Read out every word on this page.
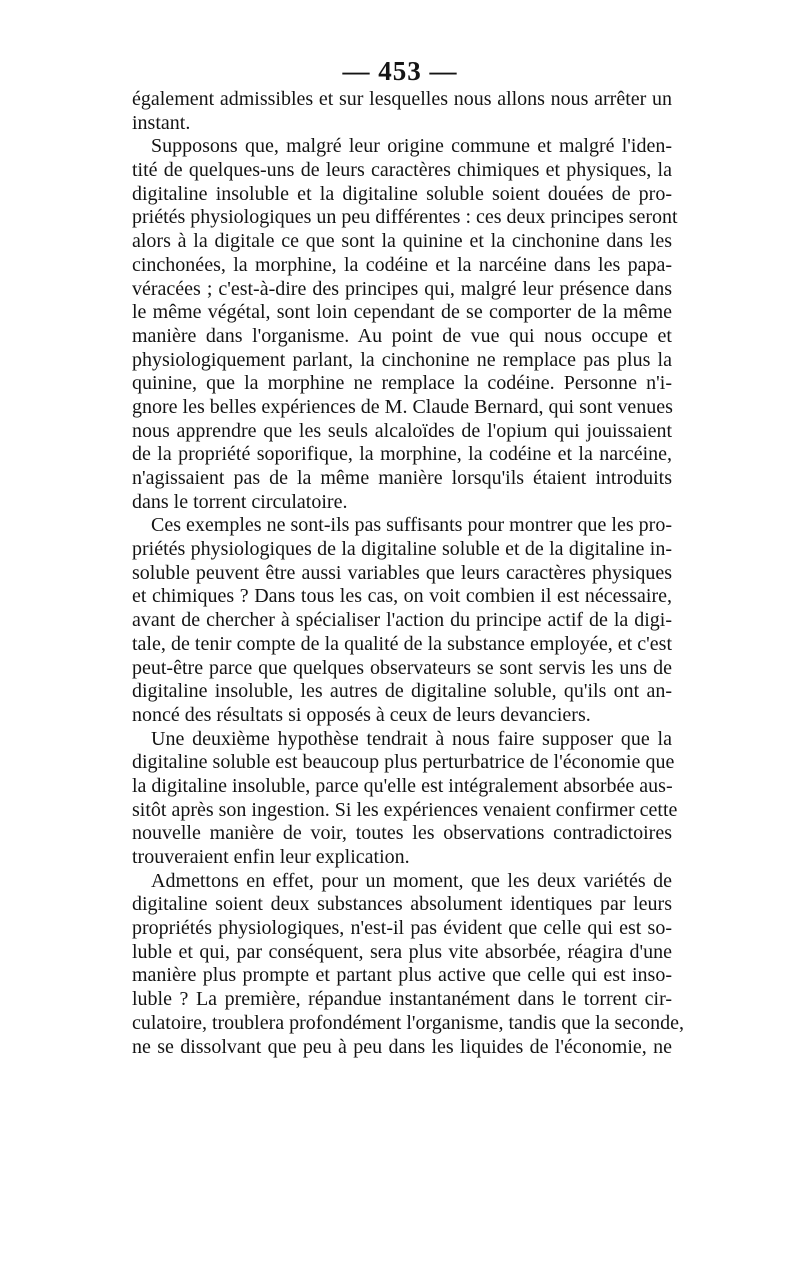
— 453 —
également admissibles et sur lesquelles nous allons nous arrêter un
instant.
Supposons que, malgré leur origine commune et malgré l'iden-
tité de quelques-uns de leurs caractères chimiques et physiques, la
digitaline insoluble et la digitaline soluble soient douées de pro-
priétés physiologiques un peu différentes : ces deux principes seront
alors à la digitale ce que sont la quinine et la cinchonine dans les
cinchonées, la morphine, la codéine et la narcéine dans les papa-
véracées ; c'est-à-dire des principes qui, malgré leur présence dans
le même végétal, sont loin cependant de se comporter de la même
manière dans l'organisme. Au point de vue qui nous occupe et
physiologiquement parlant, la cinchonine ne remplace pas plus la
quinine, que la morphine ne remplace la codéine. Personne n'i-
gnore les belles expériences de M. Claude Bernard, qui sont venues
nous apprendre que les seuls alcaloïdes de l'opium qui jouissaient
de la propriété soporifique, la morphine, la codéine et la narcéine,
n'agissaient pas de la même manière lorsqu'ils étaient introduits
dans le torrent circulatoire.
Ces exemples ne sont-ils pas suffisants pour montrer que les pro-
priétés physiologiques de la digitaline soluble et de la digitaline in-
soluble peuvent être aussi variables que leurs caractères physiques
et chimiques ? Dans tous les cas, on voit combien il est nécessaire,
avant de chercher à spécialiser l'action du principe actif de la digi-
tale, de tenir compte de la qualité de la substance employée, et c'est
peut-être parce que quelques observateurs se sont servis les uns de
digitaline insoluble, les autres de digitaline soluble, qu'ils ont an-
noncé des résultats si opposés à ceux de leurs devanciers.
Une deuxième hypothèse tendrait à nous faire supposer que la
digitaline soluble est beaucoup plus perturbatrice de l'économie que
la digitaline insoluble, parce qu'elle est intégralement absorbée aus-
sitôt après son ingestion. Si les expériences venaient confirmer cette
nouvelle manière de voir, toutes les observations contradictoires
trouveraient enfin leur explication.
Admettons en effet, pour un moment, que les deux variétés de
digitaline soient deux substances absolument identiques par leurs
propriétés physiologiques, n'est-il pas évident que celle qui est so-
luble et qui, par conséquent, sera plus vite absorbée, réagira d'une
manière plus prompte et partant plus active que celle qui est inso-
luble ? La première, répandue instantanément dans le torrent cir-
culatoire, troublera profondément l'organisme, tandis que la seconde,
ne se dissolvant que peu à peu dans les liquides de l'économie, ne
